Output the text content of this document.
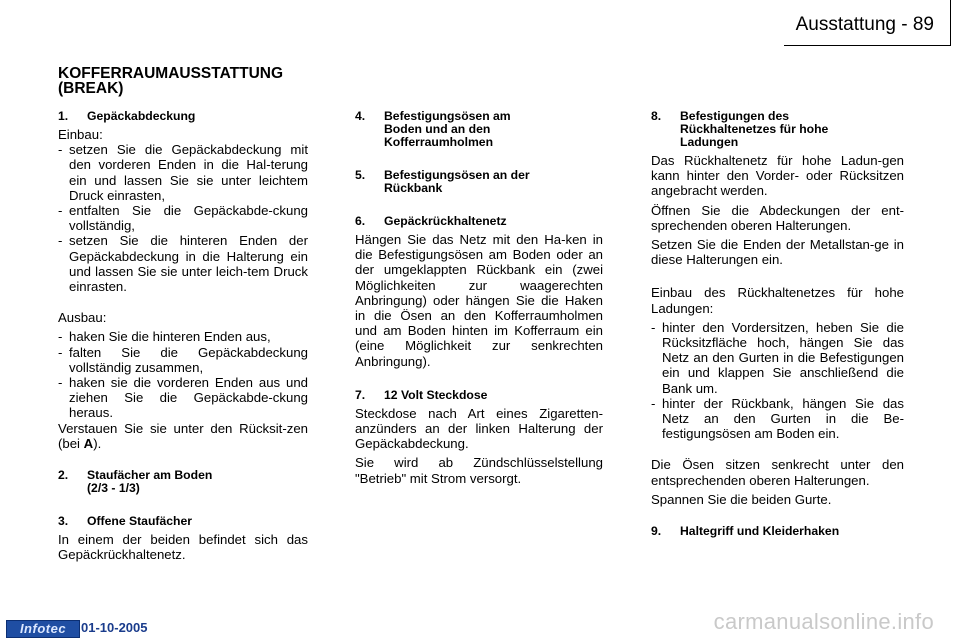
Ausstattung - 89
KOFFERRAUMAUSSTATTUNG
(BREAK)
1.	Gepäckabdeckung

Einbau:

- setzen Sie die Gepäckabdeckung mit den vorderen Enden in die Hal-terung ein und lassen Sie sie unter leichtem Druck einrasten,
- entfalten Sie die Gepäckabde-ckung vollständig,
- setzen Sie die hinteren Enden der Gepäckabdeckung in die Halterung ein und lassen Sie sie unter leich-tem Druck einrasten.

Ausbau:

- haken Sie die hinteren Enden aus,
- falten Sie die Gepäckabdeckung vollständig zusammen,
- haken sie die vorderen Enden aus und ziehen Sie die Gepäckabde-ckung heraus.

Verstauen Sie sie unter den Rücksit-zen (bei A).

2.	Staufächer am Boden
(2/3 - 1/3)
3.	Offene Staufächer

In einem der beiden befindet sich das Gepäckrückhaltenetz.

4.	Befestigungsösen am
Boden und an den
Kofferraumholmen
5.	Befestigungsösen an der
Rückbank
6.	Gepäckrückhaltenetz

Hängen Sie das Netz mit den Ha-ken in die Befestigungsösen am Boden oder an der umgeklappten Rückbank ein (zwei Möglichkeiten zur waagerechten Anbringung) oder hängen Sie die Haken in die Ösen an den Kofferraumholmen und am Boden hinten im Kofferraum ein (eine Möglichkeit zur senkrechten Anbringung).

7.	12 Volt Steckdose

Steckdose nach Art eines Zigaretten-anzünders an der linken Halterung der Gepäckabdeckung.

Sie wird ab Zündschlüsselstellung "Betrieb" mit Strom versorgt.

8.	Befestigungen des
Rückhaltenetzes für hohe
Ladungen

Das Rückhaltenetz für hohe Ladun-gen kann hinter den Vorder- oder Rücksitzen angebracht werden.

Öffnen Sie die Abdeckungen der ent-sprechenden oberen Halterungen.

Setzen Sie die Enden der Metallstan-ge in diese Halterungen ein.

Einbau des Rückhaltenetzes für hohe Ladungen:

- hinter den Vordersitzen, heben Sie die Rücksitzfläche hoch, hängen Sie das Netz an den Gurten in die Befestigungen ein und klappen Sie anschließend die Bank um.
- hinter der Rückbank, hängen Sie das Netz an den Gurten in die Be-festigungsösen am Boden ein.

Die Ösen sitzen senkrecht unter den entsprechenden oberen Halterungen.

Spannen Sie die beiden Gurte.

9.	Haltegriff und Kleiderhaken
Infotec	01-10-2005	carmanualsonline.info
